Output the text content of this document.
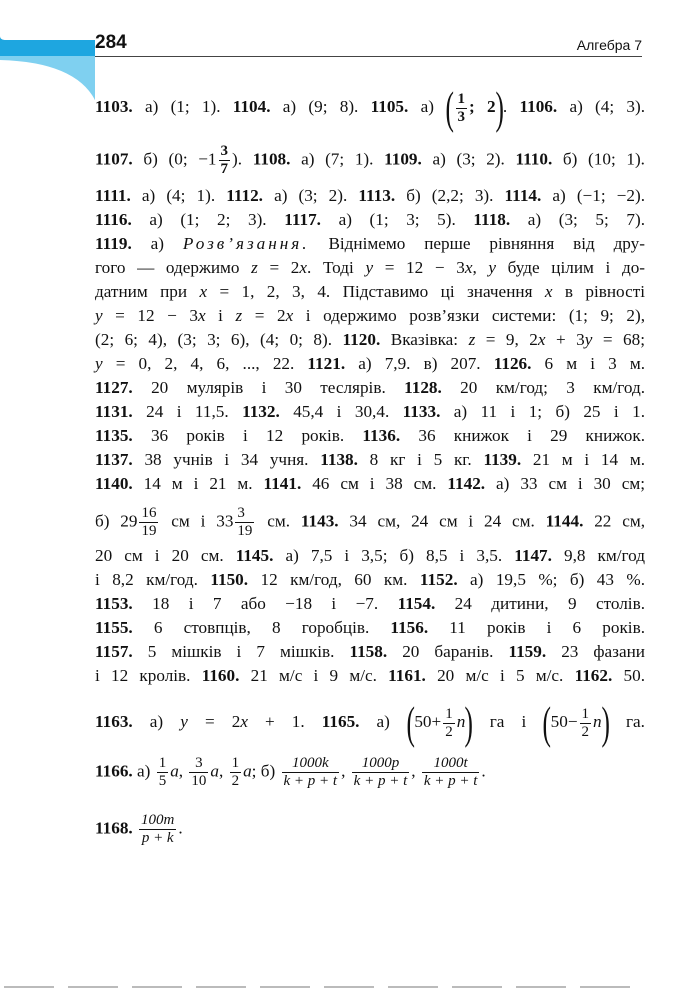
284	Алгебра 7
1103. а) (1; 1). 1104. а) (9; 8). 1105. а) ( $\frac{1}{3}$ ; 2). 1106. а) (4; 3).
1107. б) (0; $-1 \frac{3}{7}$ ). 1108. а) (7; 1). 1109. а) (3; 2). 1110. б) (10; 1).
1111. а) (4; 1). 1112. а) (3; 2). 1113. б) (2,2; 3). 1114. а) (−1; −2).
1116. а) (1; 2; 3). 1117. а) (1; 3; 5). 1118. а) (3; 5; 7).
1119. а) Розв’язання. Віднімемо перше рівняння від дру-
гого — одержимо z = 2x. Тоді y = 12 − 3x, y буде цілим і до-
датним при x = 1, 2, 3, 4. Підставимо ці значення x в рівності
y = 12 − 3x і z = 2x і одержимо розв’язки системи: (1; 9; 2),
(2; 6; 4), (3; 3; 6), (4; 0; 8). 1120. Вказівка: z = 9, 2x + 3y = 68;
y = 0, 2, 4, 6, ..., 22. 1121. а) 7,9. в) 207. 1126. 6 м і 3 м.
1127. 20 мулярів і 30 теслярів. 1128. 20 км/год; 3 км/год.
1131. 24 і 11,5. 1132. 45,4 і 30,4. 1133. а) 11 і 1; б) 25 і 1.
1135. 36 років і 12 років. 1136. 36 книжок і 29 книжок.
1137. 38 учнів і 34 учня. 1138. 8 кг і 5 кг. 1139. 21 м і 14 м.
1140. 14 м і 21 м. 1141. 46 см і 38 см. 1142. а) 33 см і 30 см;
б) $29 \frac{16}{19}$ см і $33 \frac{3}{19}$ см. 1143. 34 см, 24 см і 24 см. 1144. 22 см,
20 см і 20 см. 1145. а) 7,5 і 3,5; б) 8,5 і 3,5. 1147. 9,8 км/год
і 8,2 км/год. 1150. 12 км/год, 60 км. 1152. а) 19,5 %; б) 43 %.
1153. 18 і 7 або −18 і −7. 1154. 24 дитини, 9 столів.
1155. 6 стовпців, 8 горобців. 1156. 11 років і 6 років.
1157. 5 мішків і 7 мішків. 1158. 20 баранів. 1159. 23 фазани
і 12 кролів. 1160. 21 м/с і 9 м/с. 1161. 20 м/с і 5 м/с. 1162. 50.
1163. а) y = 2x + 1. 1165. а) $(50+ \frac{1}{2} n)$ га і $(50- \frac{1}{2} n)$ га.
1166. $а) \frac{1}{5} a$, $\frac{3}{10} a$, $\frac{1}{2} a$; $б) \frac{1000k}{k + p + t}$ , $\frac{1000p}{k + p + t}$ , $\frac{1000t}{k + p + t}$ .
1168. $\frac{100m}{p + k}$ .
